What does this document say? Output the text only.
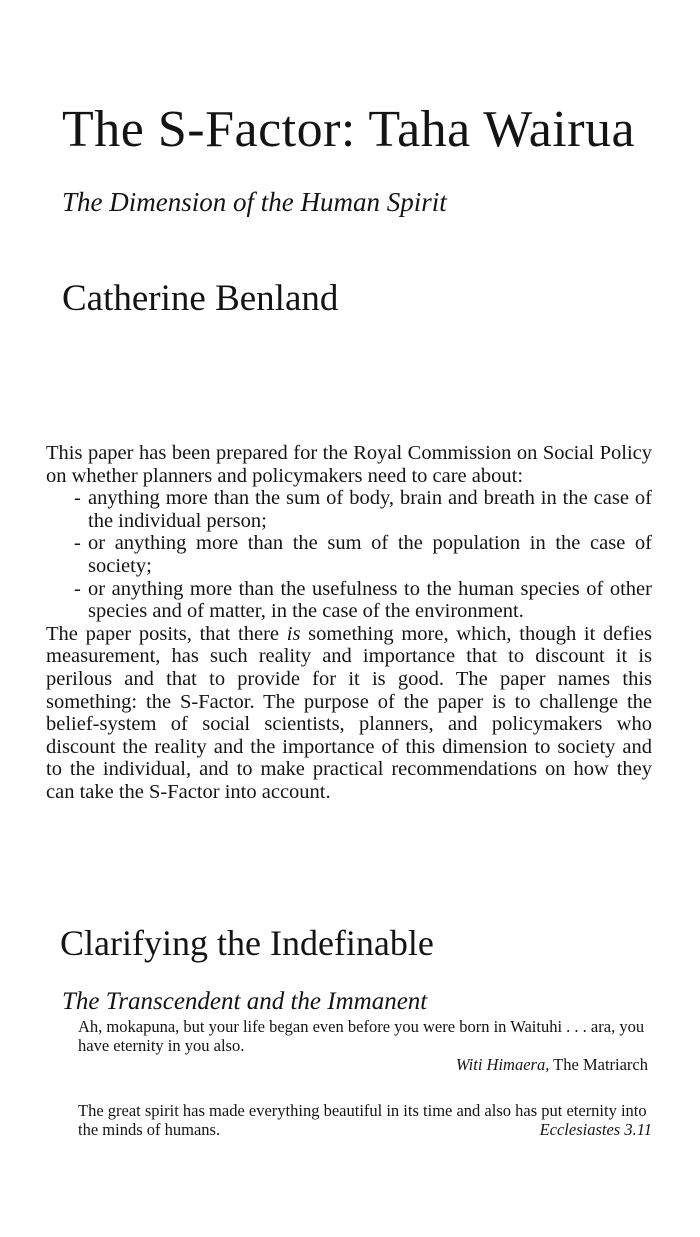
The S-Factor: Taha Wairua
The Dimension of the Human Spirit
Catherine Benland

This paper has been prepared for the Royal Commission on Social Policy on whether planners and policymakers need to care about:

- anything more than the sum of body, brain and breath in the case of the individual person;
- or anything more than the sum of the population in the case of society;
- or anything more than the usefulness to the human species of other species and of matter, in the case of the environment.

The paper posits, that there is something more, which, though it defies measurement, has such reality and importance that to discount it is perilous and that to provide for it is good. The paper names this something: the S-Factor. The purpose of the paper is to challenge the belief-system of social scientists, planners, and policymakers who discount the reality and the importance of this dimension to society and to the individual, and to make practical recommendations on how they can take the S-Factor into account.

Clarifying the Indefinable
The Transcendent and the Immanent

Ah, mokapuna, but your life began even before you were born in Waituhi . . . ara, you have eternity in you also.

Witi Himaera, The Matriarch

The great spirit has made everything beautiful in its time and also has put eternity into the minds of humans.	Ecclesiastes 3.11
